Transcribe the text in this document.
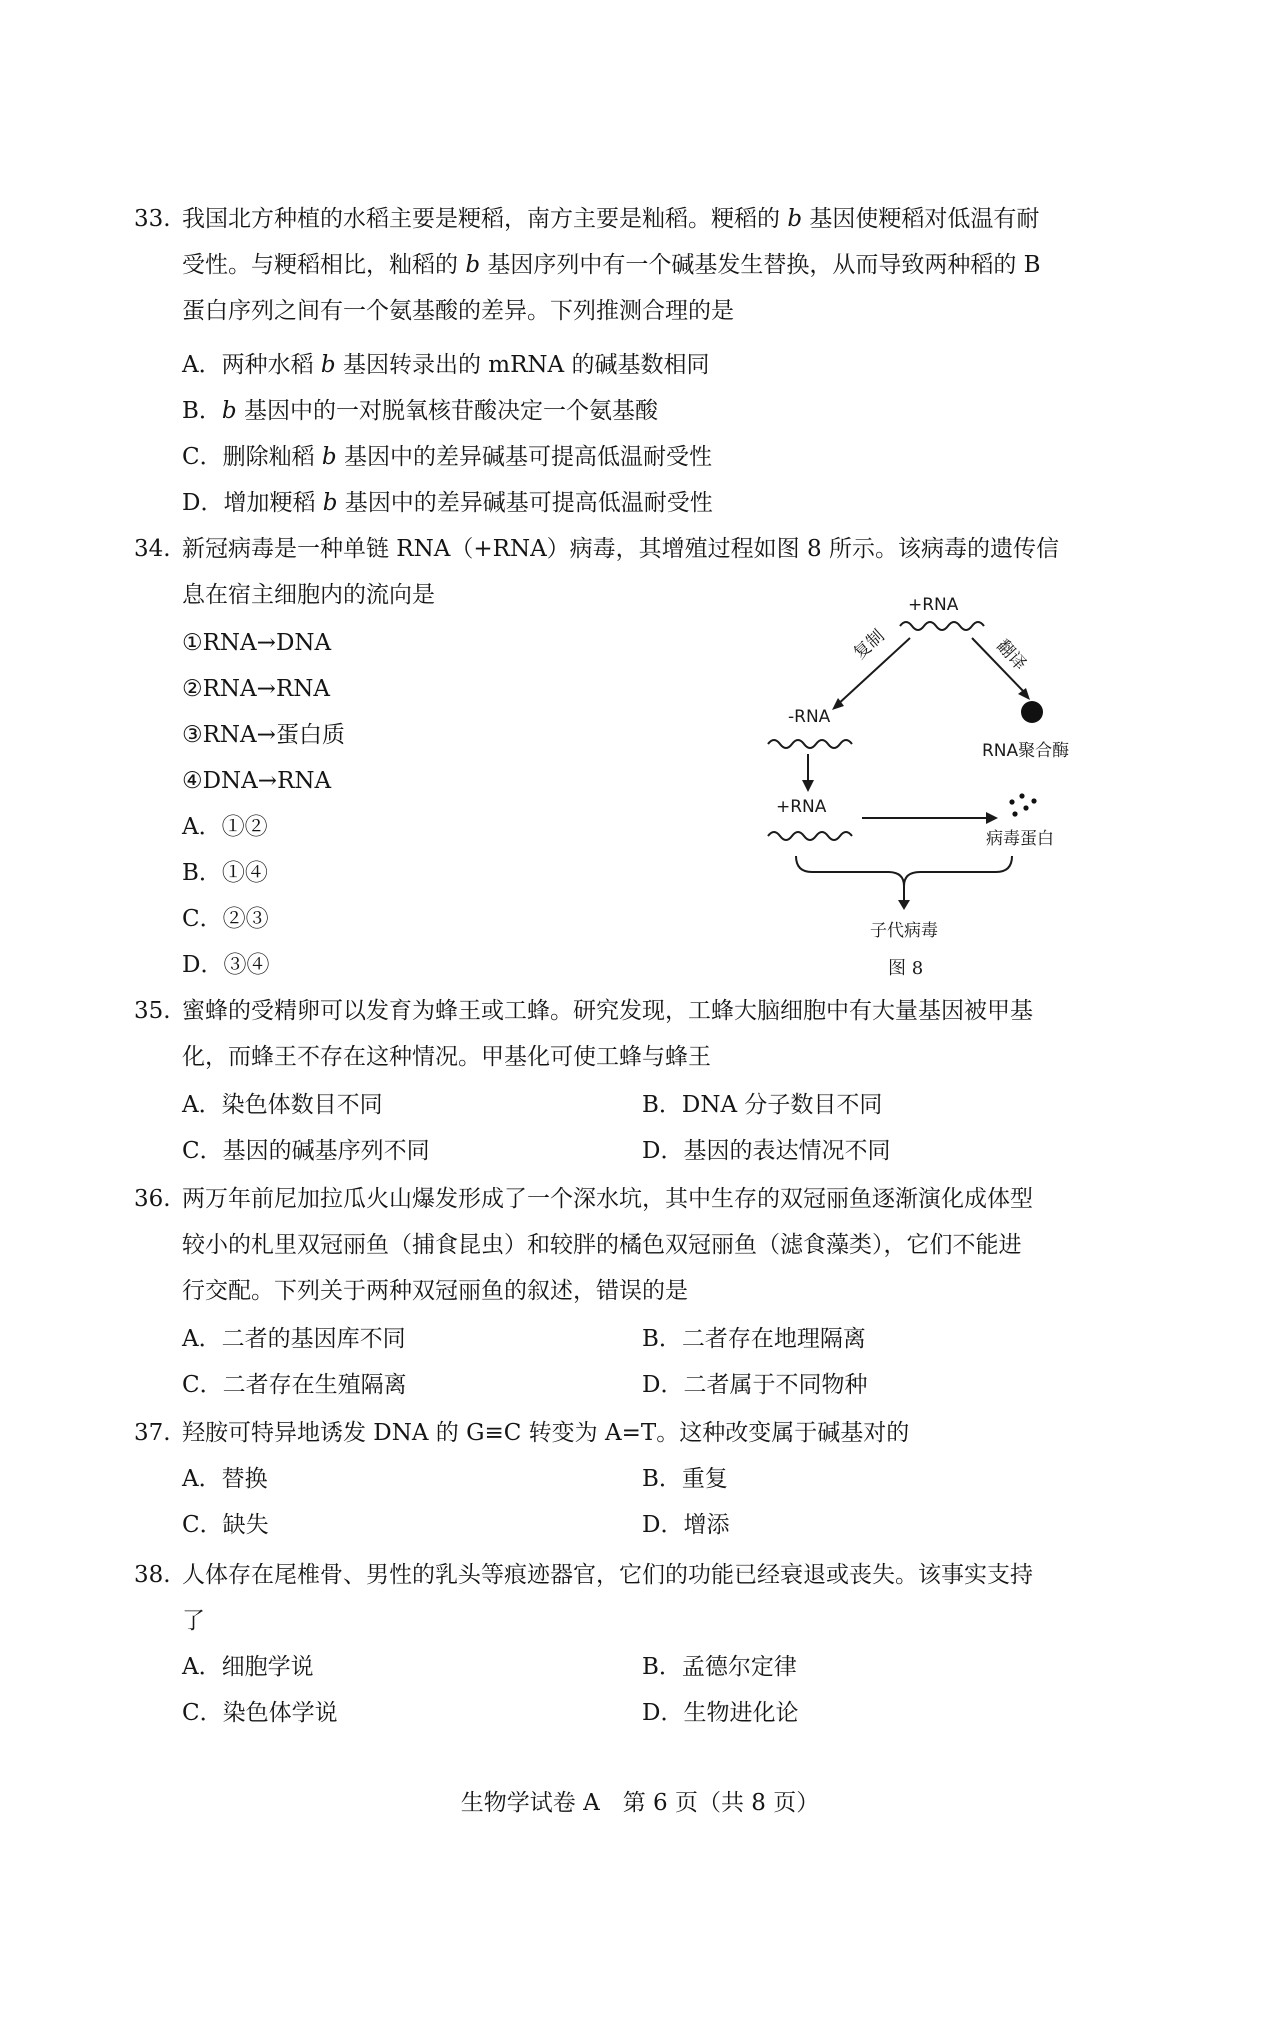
33. 我国北方种植的水稻主要是粳稻，南方主要是籼稻。粳稻的 b 基因使粳稻对低温有耐
受性。与粳稻相比，籼稻的 b 基因序列中有一个碱基发生替换，从而导致两种稻的 B
蛋白序列之间有一个氨基酸的差异。下列推测合理的是
A．两种水稻 b 基因转录出的 mRNA 的碱基数相同
B．b 基因中的一对脱氧核苷酸决定一个氨基酸
C．删除籼稻 b 基因中的差异碱基可提高低温耐受性
D．增加粳稻 b 基因中的差异碱基可提高低温耐受性
34. 新冠病毒是一种单链 RNA（+RNA）病毒，其增殖过程如图 8 所示。该病毒的遗传信
息在宿主细胞内的流向是
①RNA→DNA
②RNA→RNA
③RNA→蛋白质
④DNA→RNA
A．①②
B．①④
C．②③
D．③④
+RNA
复制	翻译
RNA聚合酶
-RNA
+RNA
病毒蛋白
子代病毒
图 8
35. 蜜蜂的受精卵可以发育为蜂王或工蜂。研究发现，工蜂大脑细胞中有大量基因被甲基
化，而蜂王不存在这种情况。甲基化可使工蜂与蜂王
A．染色体数目不同	B．DNA 分子数目不同
C．基因的碱基序列不同	D．基因的表达情况不同
36. 两万年前尼加拉瓜火山爆发形成了一个深水坑，其中生存的双冠丽鱼逐渐演化成体型
较小的札里双冠丽鱼（捕食昆虫）和较胖的橘色双冠丽鱼（滤食藻类），它们不能进
行交配。下列关于两种双冠丽鱼的叙述，错误的是
A．二者的基因库不同	B．二者存在地理隔离
C．二者存在生殖隔离	D．二者属于不同物种
37. 羟胺可特异地诱发 DNA 的 G≡C 转变为 A=T。这种改变属于碱基对的
A．替换	B．重复
C．缺失	D．增添
38. 人体存在尾椎骨、男性的乳头等痕迹器官，它们的功能已经衰退或丧失。该事实支持
了
A．细胞学说	B．孟德尔定律
C．染色体学说	D．生物进化论
生物学试卷 A　第 6 页（共 8 页）
